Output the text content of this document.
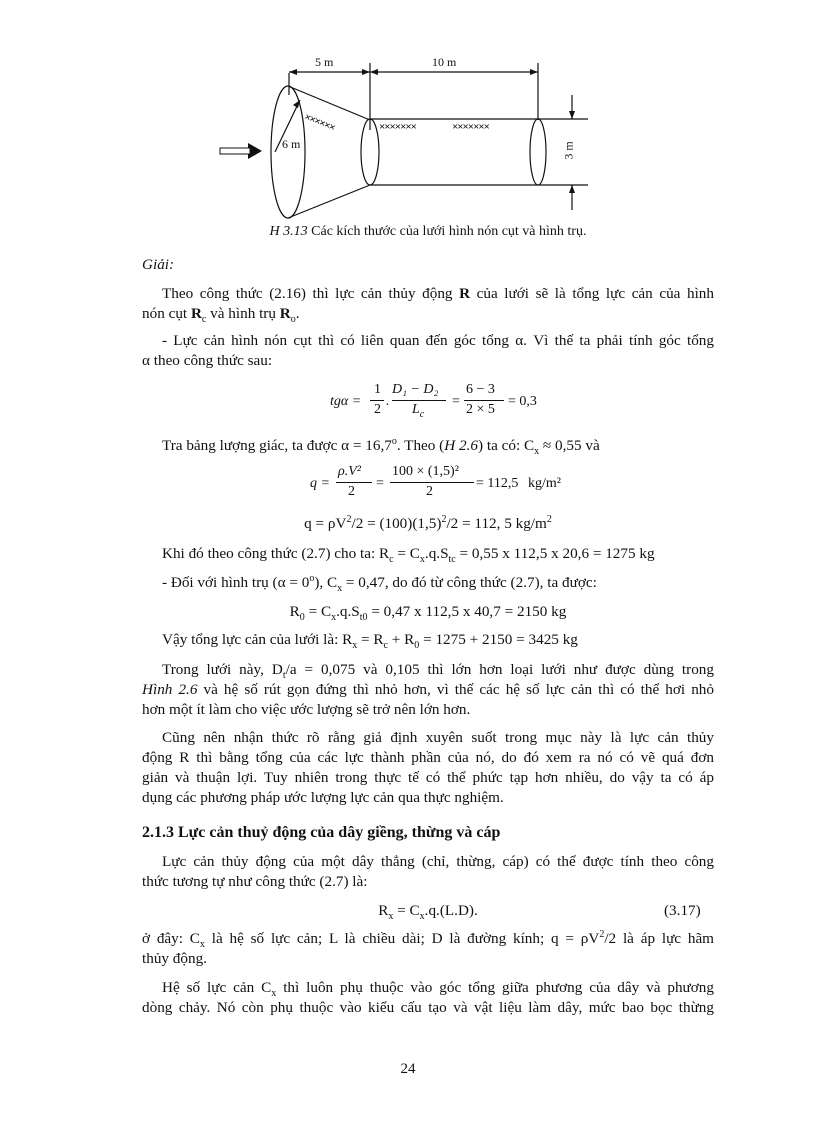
5 m	10 m
6 m	3 m
××××××	×××××××	×××××××
H 3.13 Các kích thước của lưới hình nón cụt và hình trụ.
Giải:
Theo công thức (2.16) thì lực cản thủy động R của lưới sẽ là tổng lực cản của hình
nón cụt $R_c$ và hình trụ $R_o$.
- Lực cản hình nón cụt thì có liên quan đến góc tổng α. Vì thế ta phải tính góc tổng
α theo công thức sau:
tgα =
1
2
.
D₁ − D₂
$L_c$
=
6 − 3
2 × 5
= 0,3
Tra bảng lượng giác, ta được $\alpha = 16,7^o$. Theo (H 2.6) ta có: $C_x \approx 0,55$ và
q =
ρ.V²
2
=
100 × (1,5)²
2
= 112,5 kg/m²
$q = \rho V^2/2 = (100)(1,5)^2/2 = 112$, 5 $kg/m^2$
Khi đó theo công thức (2.7) cho ta: $R_c = C_x.q.S_{tc} = 0,55$ x 112,5 x 20,6 = 1275 kg
- Đối với hình trụ $(\alpha = 0^o)$, $C_x = 0,47$, do đó từ công thức (2.7), ta được:
$R_0 = C_x.q.S_{t0} = 0,47$ x 112,5 x 40,7 = 2150 kg
Vậy tổng lực cản của lưới là: $R_x = R_c + R_0 = 1275 + 2150 = 3425$ kg
Trong lưới này, $D_t/a = 0,075$ và 0,105 thì lớn hơn loại lưới như được dùng trong
Hình 2.6 và hệ số rút gọn đứng thì nhỏ hơn, vì thế các hệ số lực cản thì có thể hơi nhỏ
hơn một ít làm cho việc ước lượng sẽ trở nên lớn hơn.
Cũng nên nhận thức rõ rằng giả định xuyên suốt trong mục này là lực cản thủy
động R thì bằng tổng của các lực thành phần của nó, do đó xem ra nó có vẽ quá đơn
giản và thuận lợi. Tuy nhiên trong thực tế có thể phức tạp hơn nhiều, do vậy ta có áp
dụng các phương pháp ước lượng lực cản qua thực nghiệm.
2.1.3 Lực cản thuỷ động của dây giềng, thừng và cáp
Lực cản thủy động của một dây thẳng (chỉ, thừng, cáp) có thể được tính theo công
thức tương tự như công thức (2.7) là:
$R_x = C_x.q.(L.D)$.	(3.17)
ở đây: $C_x$ là hệ số lực cản; L là chiều dài; D là đường kính; $q = \rho V^2/2$ là áp lực hãm
thủy động.
Hệ số lực cản $C_x$ thì luôn phụ thuộc vào góc tổng giữa phương của dây và phương
dòng chảy. Nó còn phụ thuộc vào kiểu cấu tạo và vật liệu làm dây, mức bao bọc thừng
24
